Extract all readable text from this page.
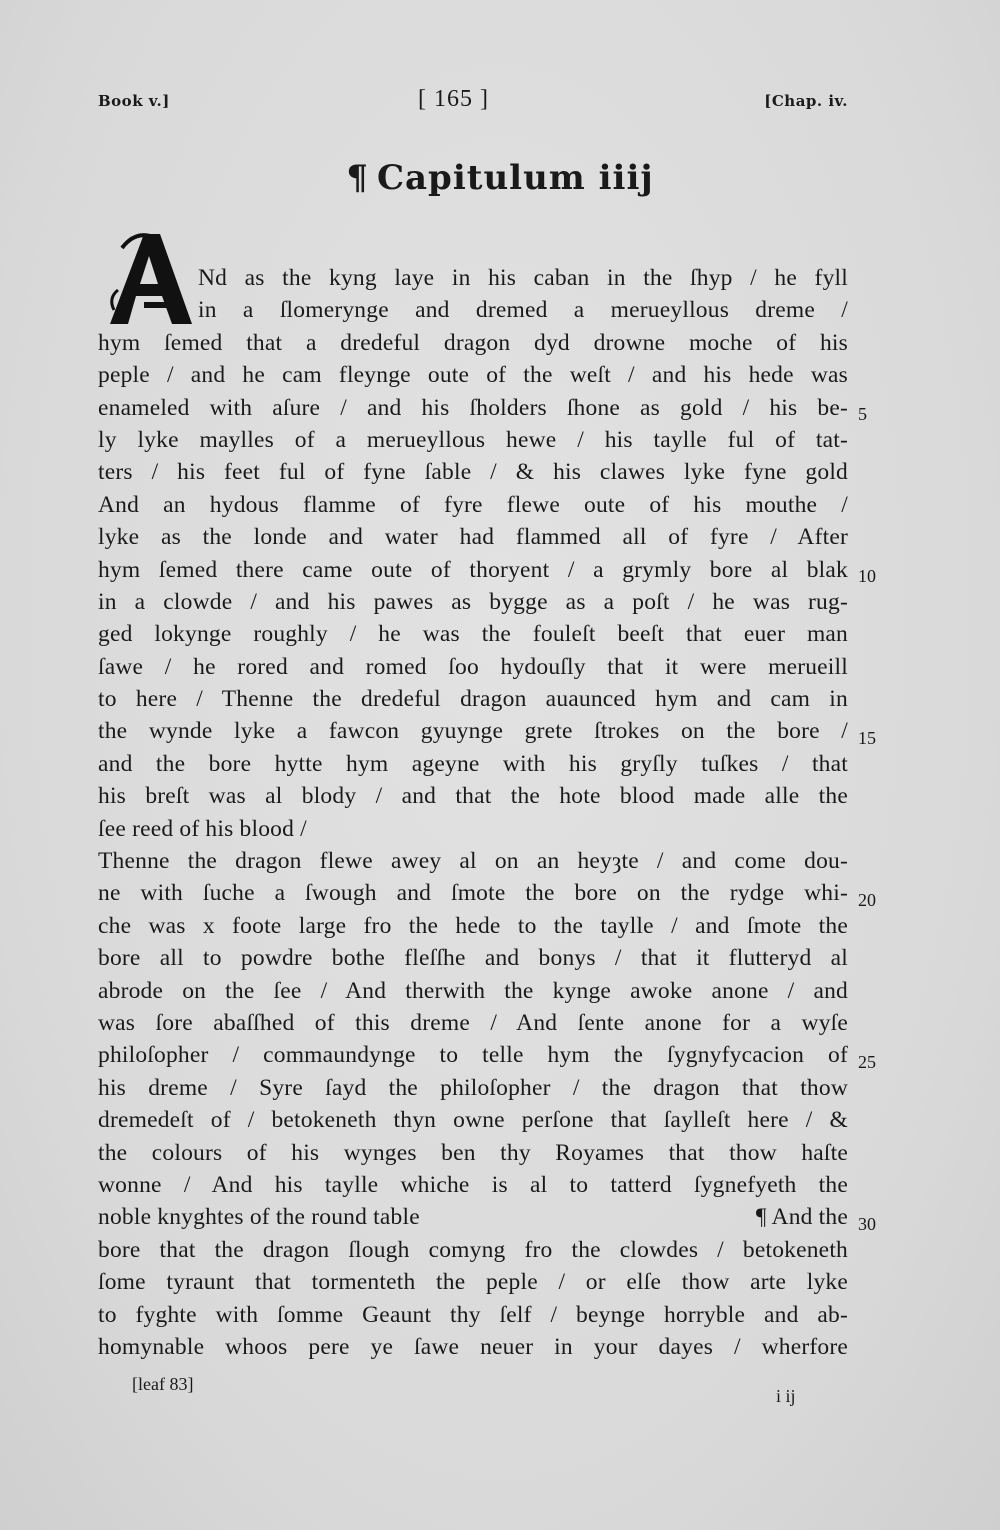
Book v.]	[ 165 ]	[Chap. iv.
¶ Capitulum iiij
Nd as the kyng laye in his caban in the ſhyp / he fyll
in a ſlomerynge and dremed a merueyllous dreme /
hym ſemed that a dredeful dragon dyd drowne moche of his
peple / and he cam fleynge oute of the weſt / and his hede was
enameled with aſure / and his ſholders ſhone as gold / his be-
ly lyke maylles of a merueyllous hewe / his taylle ful of tat-
ters / his feet ful of fyne ſable / & his clawes lyke fyne gold
And an hydous flamme of fyre flewe oute of his mouthe /
lyke as the londe and water had flammed all of fyre / After
hym ſemed there came oute of thoryent / a grymly bore al blak
in a clowde / and his pawes as bygge as a poſt / he was rug-
ged lokynge roughly / he was the fouleſt beeſt that euer man
ſawe / he rored and romed ſoo hydouſly that it were merueill
to here / Thenne the dredeful dragon auaunced hym and cam in
the wynde lyke a fawcon gyuynge grete ſtrokes on the bore /
and the bore hytte hym ageyne with his gryſly tuſkes / that
his breſt was al blody / and that the hote blood made alle the
ſee reed of his blood /
Thenne the dragon flewe awey al on an heyȝte / and come dou-
ne with ſuche a ſwough and ſmote the bore on the rydge whi-
che was x foote large fro the hede to the taylle / and ſmote the
bore all to powdre bothe fleſſhe and bonys / that it flutteryd al
abrode on the ſee / And therwith the kynge awoke anone / and
was ſore abaſſhed of this dreme / And ſente anone for a wyſe
philoſopher / commaundynge to telle hym the ſygnyfycacion of
his dreme / Syre ſayd the philoſopher / the dragon that thow
dremedeſt of / betokeneth thyn owne perſone that ſaylleſt here / &
the colours of his wynges ben thy Royames that thow haſte
wonne / And his taylle whiche is al to tatterd ſygnefyeth the
noble knyghtes of the round table	¶ And the
bore that the dragon ſlough comyng fro the clowdes / betokeneth
ſome tyraunt that tormenteth the peple / or elſe thow arte lyke
to fyghte with ſomme Geaunt thy ſelf / beynge horryble and ab-
homynable whoos pere ye ſawe neuer in your dayes / wherfore
5
10
15
20
25
30
[leaf 83]
i ij
